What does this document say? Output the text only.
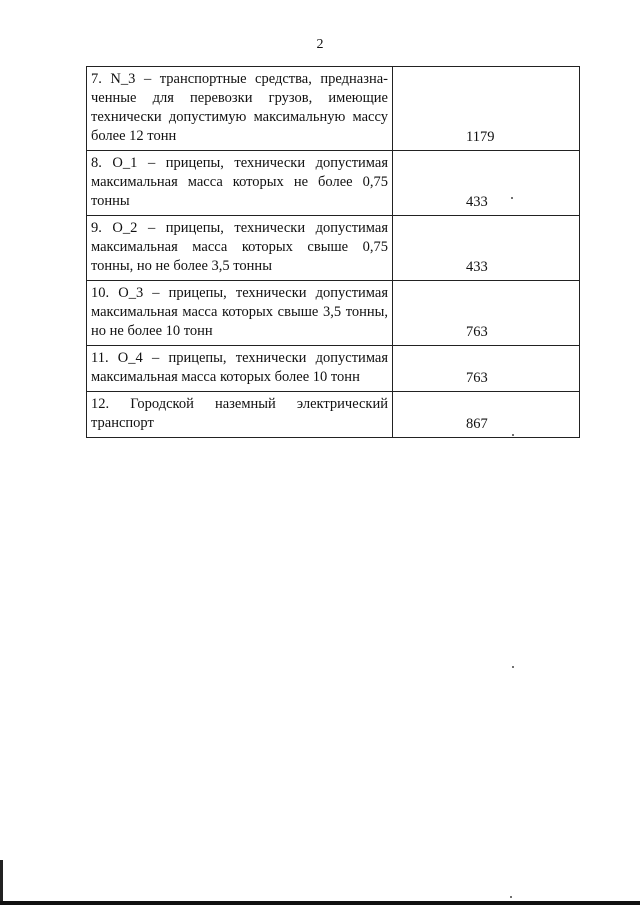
2
7. N_3 – транспортные средства, предназна-ченные для перевозки грузов, имеющие технически допустимую максимальную массу более 12 тонн	1179

8. O_1 – прицепы, технически допустимая максимальная масса которых не более 0,75 тонны	433

9. O_2 – прицепы, технически допустимая максимальная масса которых свыше 0,75 тонны, но не более 3,5 тонны	433

10. O_3 – прицепы, технически допустимая максимальная масса которых свыше 3,5 тонны, но не более 10 тонн	763

11. O_4 – прицепы, технически допустимая максимальная масса которых более 10 тонн	763

12. Городской наземный электрический транспорт	867
